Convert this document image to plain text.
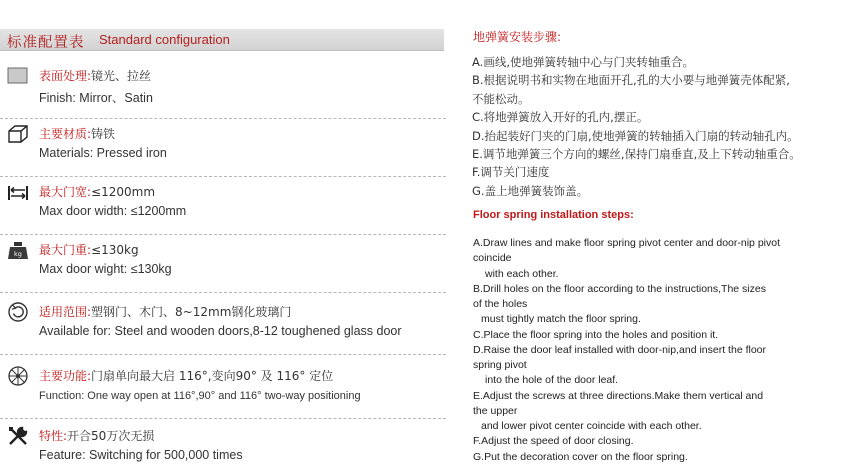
标准配置表 Standard configuration
表面处理:镜光、拉丝
Finish: Mirror、Satin
主要材质:铸铁
Materials: Pressed iron
最大门宽:≤1200mm
Max door width: ≤1200mm
kg 最大门重:≤130kg
Max door wight: ≤130kg
适用范围:塑钢门、木门、8~12mm钢化玻璃门
Available for: Steel and wooden doors,8-12 toughened glass door
主要功能:门扇单向最大启 116°,变向90° 及 116° 定位
Function: One way open at 116°,90° and 116° two-way positioning
特性:开合50万次无损
Feature: Switching for 500,000 times
地弹簧安装步骤:
A.画线,使地弹簧转轴中心与门夹转轴重合。
B.根据说明书和实物在地面开孔,孔的大小要与地弹簧壳体配紧,
不能松动。
C.将地弹簧放入开好的孔内,摆正。
D.抬起装好门夹的门扇,使地弹簧的转轴插入门扇的转动轴孔内。
E.调节地弹簧三个方向的螺丝,保持门扇垂直,及上下转动轴重合。
F.调节关门速度
G.盖上地弹簧装饰盖。
Floor spring installation steps:
A.Draw lines and make floor spring pivot center and door-nip pivot
coincide
with each other.
B.Drill holes on the floor according to the instructions,The sizes
of the holes
must tightly match the floor spring.
C.Place the floor spring into the holes and position it.
D.Raise the door leaf installed with door-nip,and insert the floor
spring pivot
into the hole of the door leaf.
E.Adjust the screws at three directions.Make them vertical and
the upper
and lower pivot center coincide with each other.
F.Adjust the speed of door closing.
G.Put the decoration cover on the floor spring.
